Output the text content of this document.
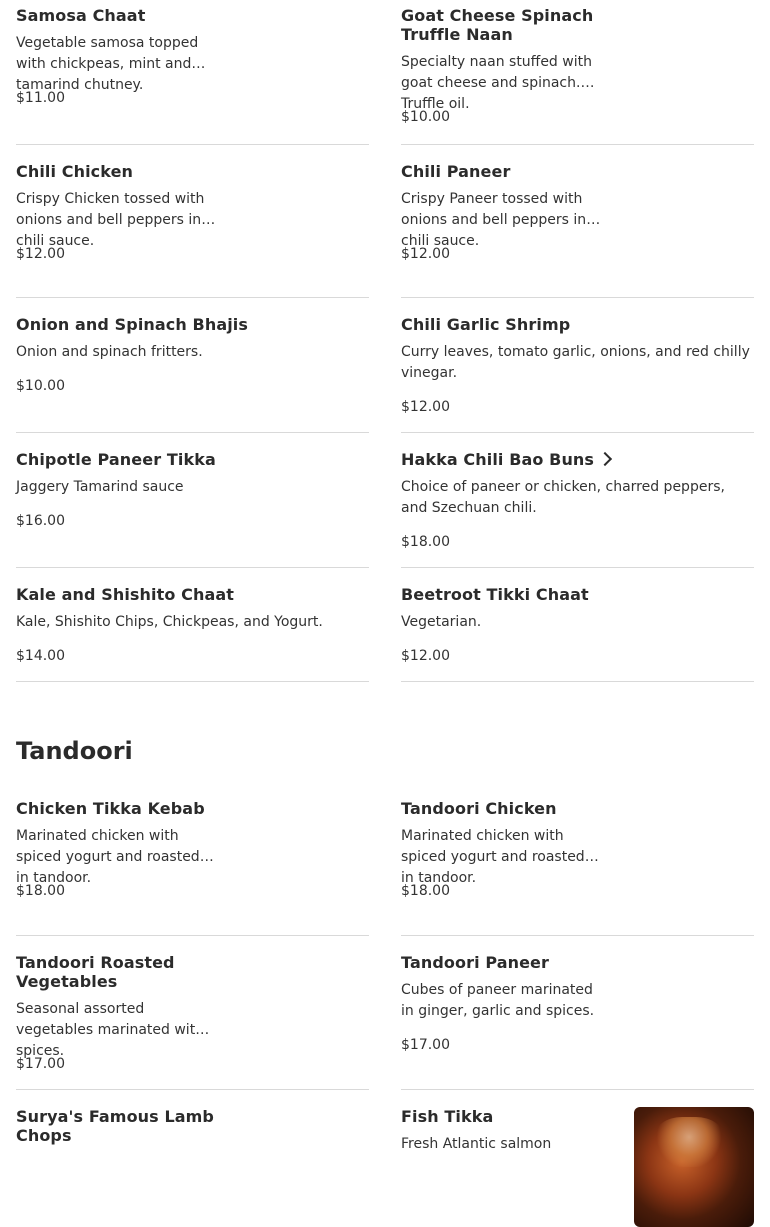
Samosa Chaat
Vegetable samosa topped with chickpeas, mint and tamarind chutney.
$11.00
Goat Cheese Spinach Truffle Naan
Specialty naan stuffed with goat cheese and spinach. Truffle oil.
$10.00
Chili Chicken
Crispy Chicken tossed with onions and bell peppers in chili sauce.
$12.00
Chili Paneer
Crispy Paneer tossed with onions and bell peppers in chili sauce.
$12.00
Onion and Spinach Bhajis
Onion and spinach fritters.
$10.00
Chili Garlic Shrimp
Curry leaves, tomato garlic, onions, and red chilly vinegar.
$12.00
Chipotle Paneer Tikka
Jaggery Tamarind sauce
$16.00
Hakka Chili Bao Buns
Choice of paneer or chicken, charred peppers, and Szechuan chili.
$18.00
Kale and Shishito Chaat
Kale, Shishito Chips, Chickpeas, and Yogurt.
$14.00
Beetroot Tikki Chaat
Vegetarian.
$12.00
Tandoori
Chicken Tikka Kebab
Marinated chicken with spiced yogurt and roasted in tandoor.
$18.00
Tandoori Chicken
Marinated chicken with spiced yogurt and roasted in tandoor.
$18.00
Tandoori Roasted Vegetables
Seasonal assorted vegetables marinated with spices.
$17.00
Tandoori Paneer
Cubes of paneer marinated in ginger, garlic and spices.
$17.00
Surya's Famous Lamb Chops
Fish Tikka
Fresh Atlantic salmon
